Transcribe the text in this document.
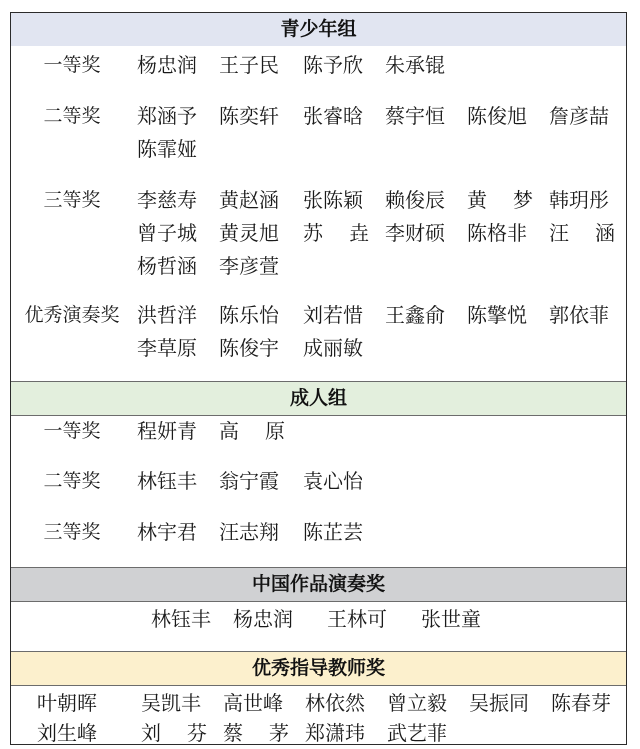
青少年组
一等奖	杨忠润	王子民	陈予欣	朱承锟
二等奖	郑涵予	陈奕轩	张睿晗	蔡宇恒	陈俊旭	詹彦喆
陈霏娅
三等奖	李慈寿	黄赵涵	张陈颖	赖俊辰	黄 梦 韩玥彤
曾子城	黄灵旭	苏 垚 李财硕	陈格非	汪 涵
杨哲涵	李彦萱
优秀演奏奖 洪哲洋	陈乐怡	刘若惜	王鑫俞	陈擎悦	郭依菲
李草原	陈俊宇	成丽敏
成人组
一等奖	程妍青	高 原
二等奖	林钰丰	翁宁霞	袁心怡
三等奖	林宇君	汪志翔	陈芷芸
中国作品演奏奖
林钰丰	杨忠润	王林可	张世童
优秀指导教师奖
叶朝晖	吴凯丰	高世峰	林依然	曾立毅	吴振同	陈春芽
刘生峰	刘 芬 蔡 茅 郑潇玮	武艺菲
